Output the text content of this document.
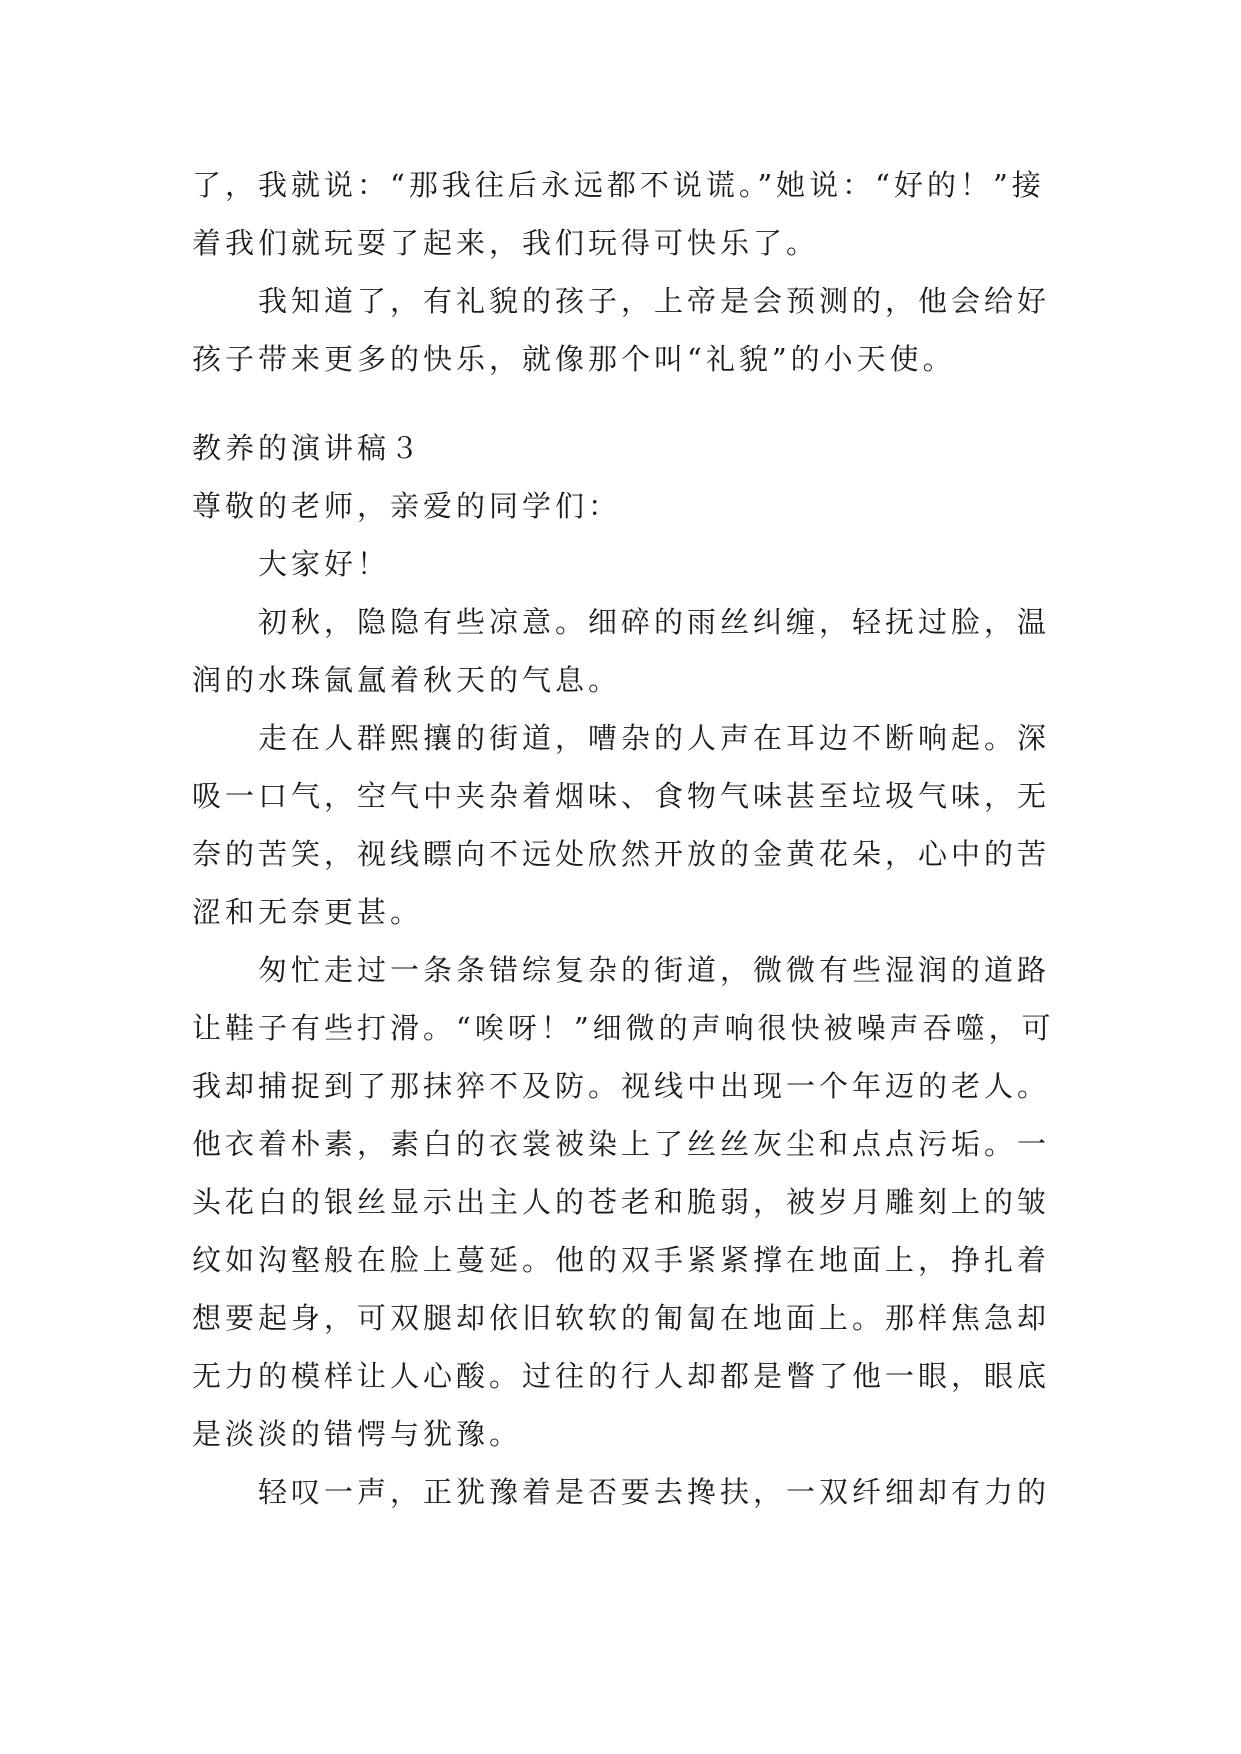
了，我就说：“那我往后永远都不说谎。”她说：“好的！”接着我们就玩耍了起来，我们玩得可快乐了。

我知道了，有礼貌的孩子，上帝是会预测的，他会给好孩子带来更多的快乐，就像那个叫“礼貌”的小天使。

教养的演讲稿３

尊敬的老师，亲爱的同学们：

大家好！

初秋，隐隐有些凉意。细碎的雨丝纠缠，轻抚过脸，温润的水珠氤氲着秋天的气息。

走在人群熙攘的街道，嘈杂的人声在耳边不断响起。深吸一口气，空气中夹杂着烟味、食物气味甚至垃圾气味，无奈的苦笑，视线瞟向不远处欣然开放的金黄花朵，心中的苦涩和无奈更甚。

匆忙走过一条条错综复杂的街道，微微有些湿润的道路让鞋子有些打滑。“唉呀！”细微的声响很快被噪声吞噬，可我却捕捉到了那抹猝不及防。视线中出现一个年迈的老人。他衣着朴素，素白的衣裳被染上了丝丝灰尘和点点污垢。一头花白的银丝显示出主人的苍老和脆弱，被岁月雕刻上的皱纹如沟壑般在脸上蔓延。他的双手紧紧撑在地面上，挣扎着想要起身，可双腿却依旧软软的匍匐在地面上。那样焦急却无力的模样让人心酸。过往的行人却都是瞥了他一眼，眼底是淡淡的错愕与犹豫。

轻叹一声，正犹豫着是否要去搀扶，一双纤细却有力的
